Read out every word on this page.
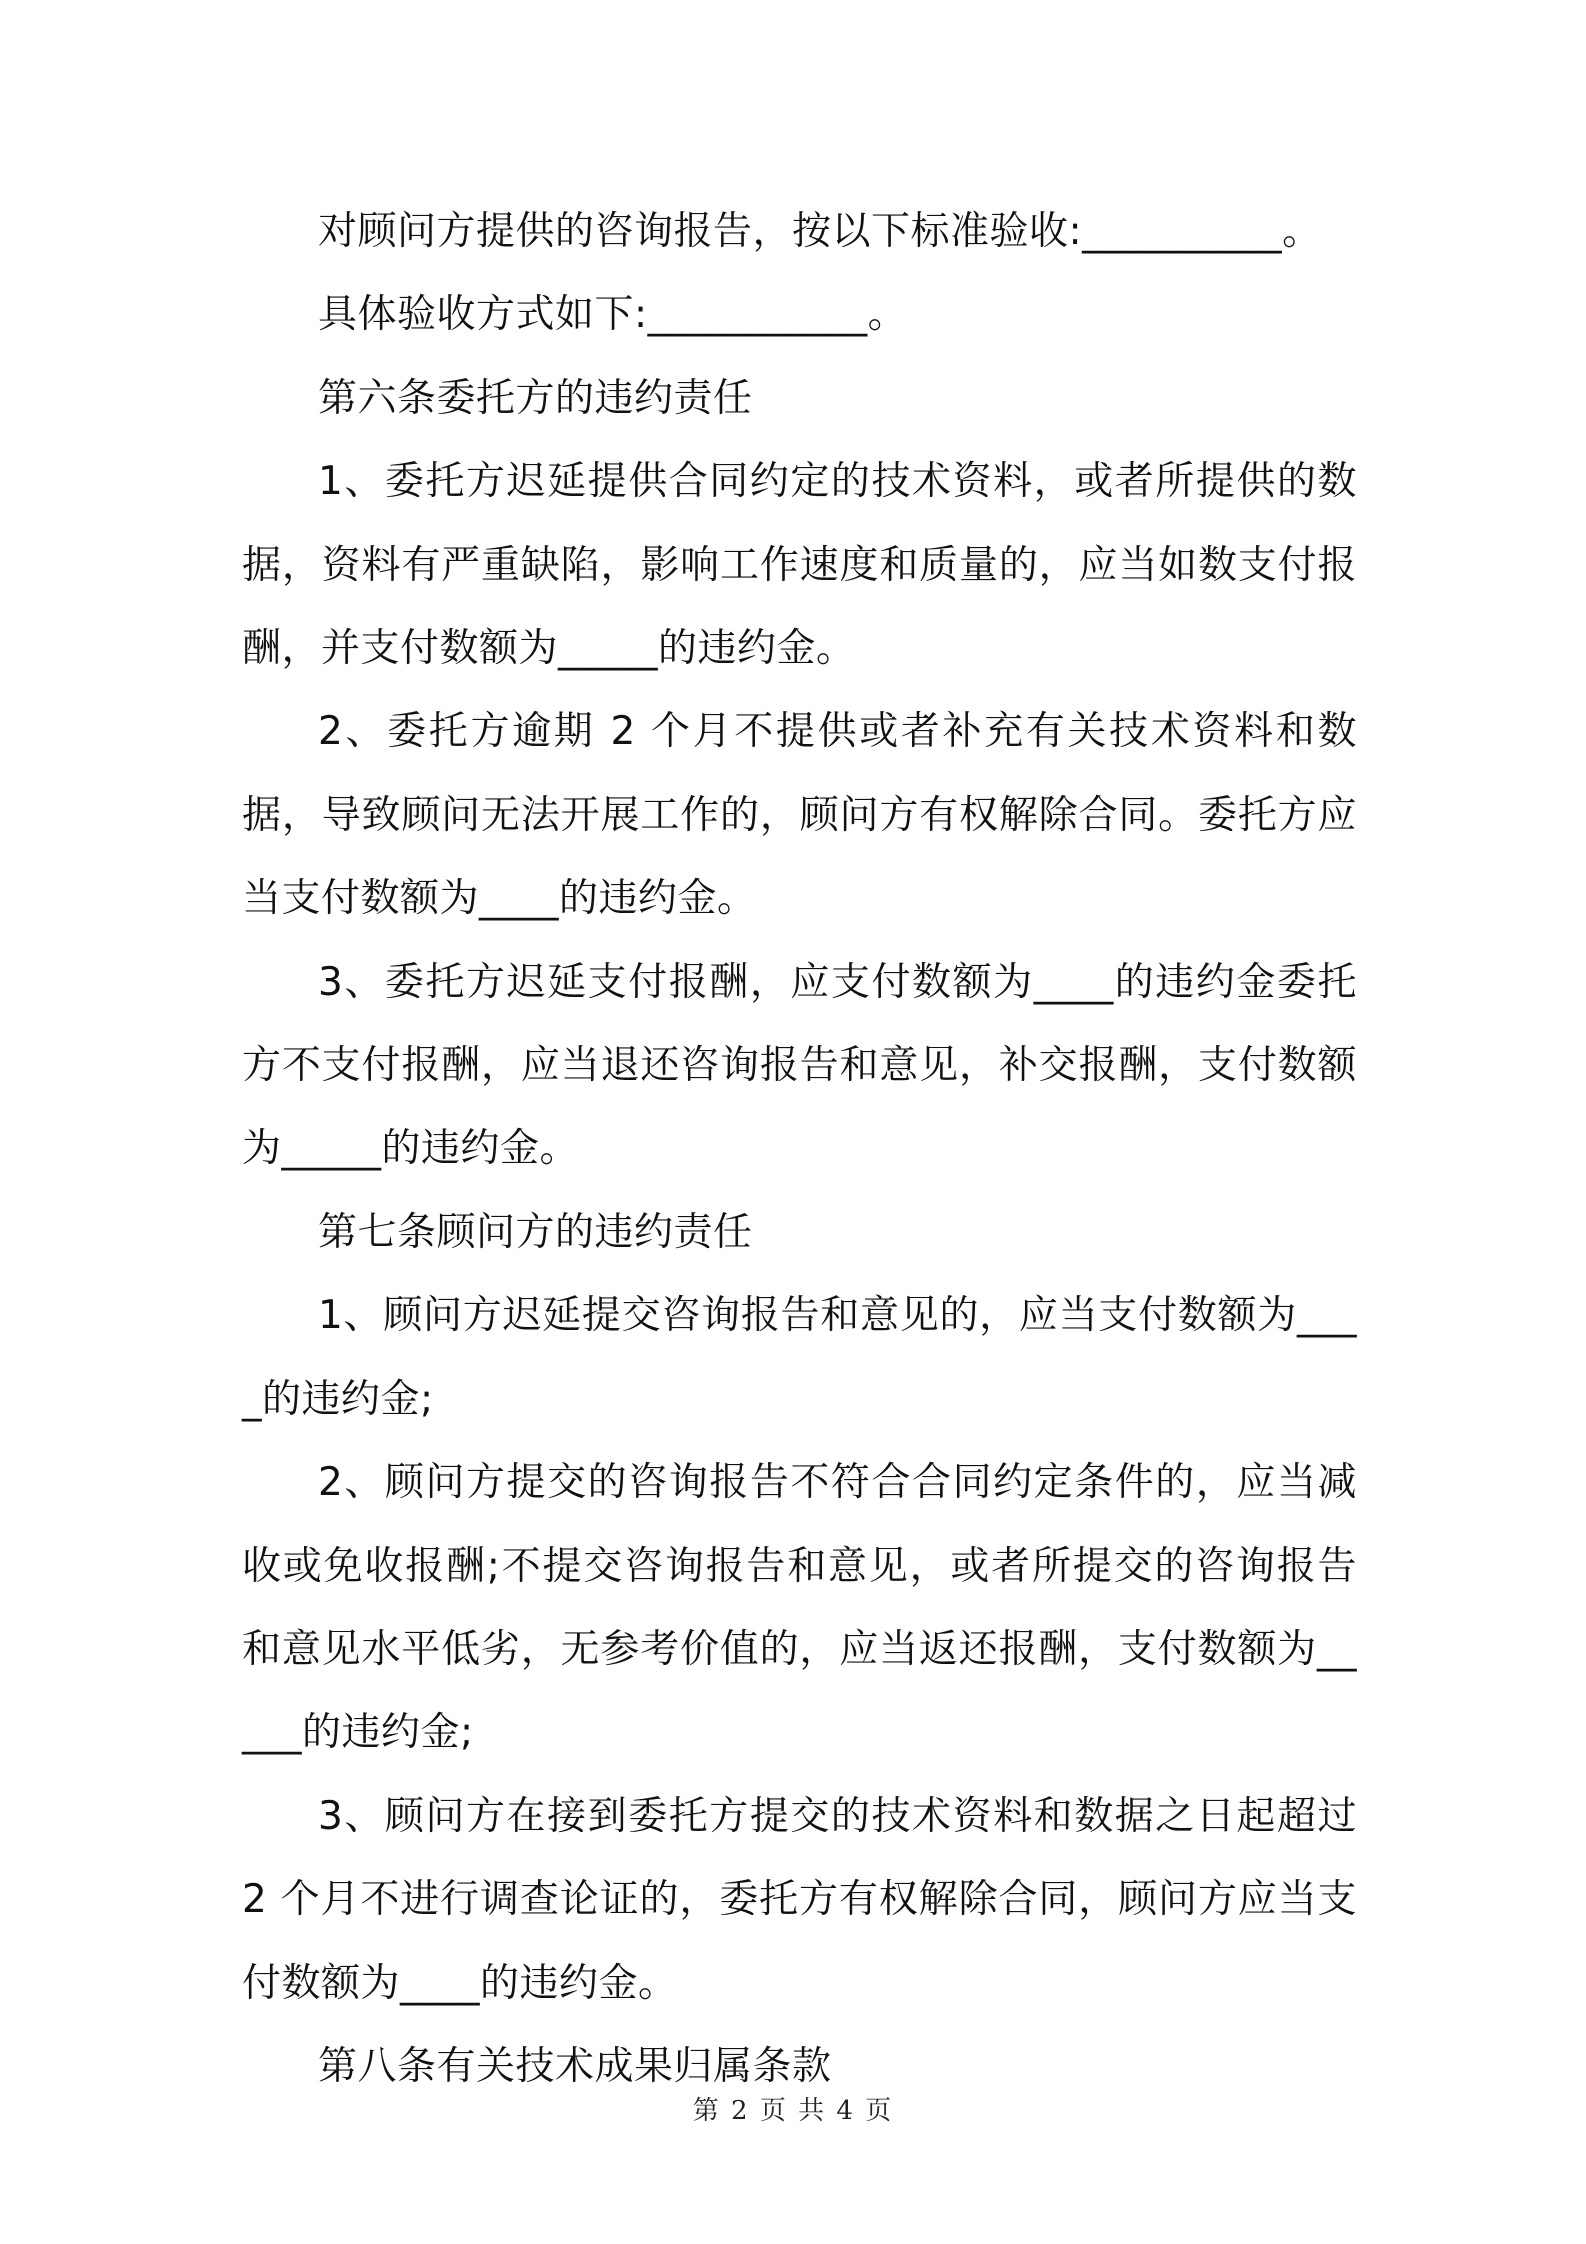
对顾问方提供的咨询报告，按以下标准验收:__________。

具体验收方式如下:___________。

第六条委托方的违约责任

1、委托方迟延提供合同约定的技术资料，或者所提供的数据，资料有严重缺陷，影响工作速度和质量的，应当如数支付报酬，并支付数额为_____的违约金。

2、委托方逾期 2 个月不提供或者补充有关技术资料和数据，导致顾问无法开展工作的，顾问方有权解除合同。委托方应当支付数额为____的违约金。

3、委托方迟延支付报酬，应支付数额为____的违约金委托方不支付报酬，应当退还咨询报告和意见，补交报酬，支付数额为_____的违约金。

第七条顾问方的违约责任

1、顾问方迟延提交咨询报告和意见的，应当支付数额为____的违约金;

2、顾问方提交的咨询报告不符合合同约定条件的，应当减收或免收报酬;不提交咨询报告和意见，或者所提交的咨询报告和意见水平低劣，无参考价值的，应当返还报酬，支付数额为_____的违约金;

3、顾问方在接到委托方提交的技术资料和数据之日起超过 2 个月不进行调查论证的，委托方有权解除合同，顾问方应当支付数额为____的违约金。

第八条有关技术成果归属条款

第 2 页 共 4 页
